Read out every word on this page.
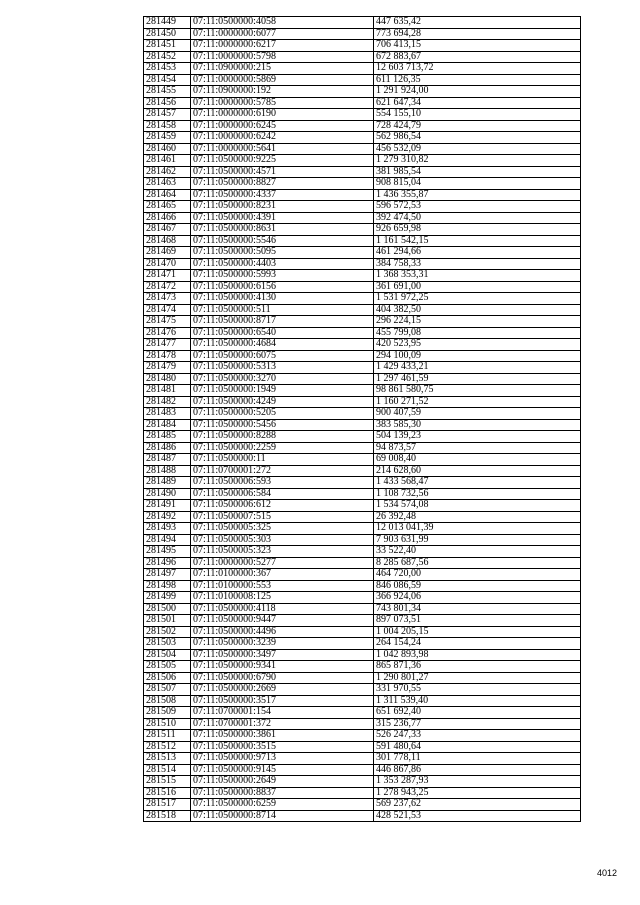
281449	07:11:0500000:4058	447 635,42
281450	07:11:0000000:6077	773 694,28
281451	07:11:0000000:6217	706 413,15
281452	07:11:0000000:5798	672 883,67
281453	07:11:0900000:215	12 603 713,72
281454	07:11:0000000:5869	611 126,35
281455	07:11:0900000:192	1 291 924,00
281456	07:11:0000000:5785	621 647,34
281457	07:11:0000000:6190	554 155,10
281458	07:11:0000000:6245	728 424,79
281459	07:11:0000000:6242	562 986,54
281460	07:11:0000000:5641	456 532,09
281461	07:11:0500000:9225	1 279 310,82
281462	07:11:0500000:4571	381 985,54
281463	07:11:0500000:8827	908 815,04
281464	07:11:0500000:4337	1 436 355,87
281465	07:11:0500000:8231	596 572,53
281466	07:11:0500000:4391	392 474,50
281467	07:11:0500000:8631	926 659,98
281468	07:11:0500000:5546	1 161 542,15
281469	07:11:0500000:5095	461 294,66
281470	07:11:0500000:4403	384 758,33
281471	07:11:0500000:5993	1 368 353,31
281472	07:11:0500000:6156	361 691,00
281473	07:11:0500000:4130	1 531 972,25
281474	07:11:0500000:511	404 382,50
281475	07:11:0500000:8717	296 224,15
281476	07:11:0500000:6540	455 799,08
281477	07:11:0500000:4684	420 523,95
281478	07:11:0500000:6075	294 100,09
281479	07:11:0500000:5313	1 429 433,21
281480	07:11:0500000:3270	1 297 461,59
281481	07:11:0500000:1949	98 861 580,75
281482	07:11:0500000:4249	1 160 271,52
281483	07:11:0500000:5205	900 407,59
281484	07:11:0500000:5456	383 585,30
281485	07:11:0500000:8288	504 139,23
281486	07:11:0500000:2259	94 873,57
281487	07:11:0500000:11	69 008,40
281488	07:11:0700001:272	214 628,60
281489	07:11:0500006:593	1 433 568,47
281490	07:11:0500006:584	1 108 732,56
281491	07:11:0500006:612	1 534 574,08
281492	07:11:0500007:515	26 392,48
281493	07:11:0500005:325	12 013 041,39
281494	07:11:0500005:303	7 903 631,99
281495	07:11:0500005:323	33 522,40
281496	07:11:0000000:5277	8 285 687,56
281497	07:11:0100000:367	464 720,00
281498	07:11:0100000:553	846 086,59
281499	07:11:0100008:125	366 924,06
281500	07:11:0500000:4118	743 801,34
281501	07:11:0500000:9447	897 073,51
281502	07:11:0500000:4496	1 004 205,15
281503	07:11:0500000:3239	264 154,24
281504	07:11:0500000:3497	1 042 893,98
281505	07:11:0500000:9341	865 871,36
281506	07:11:0500000:6790	1 290 801,27
281507	07:11:0500000:2669	331 970,55
281508	07:11:0500000:3517	1 311 539,40
281509	07:11:0700001:154	651 692,40
281510	07:11:0700001:372	315 236,77
281511	07:11:0500000:3861	526 247,33
281512	07:11:0500000:3515	591 480,64
281513	07:11:0500000:9713	301 778,11
281514	07:11:0500000:9145	446 867,86
281515	07:11:0500000:2649	1 353 287,93
281516	07:11:0500000:8837	1 278 943,25
281517	07:11:0500000:6259	569 237,62
281518	07:11:0500000:8714	428 521,53
4012
